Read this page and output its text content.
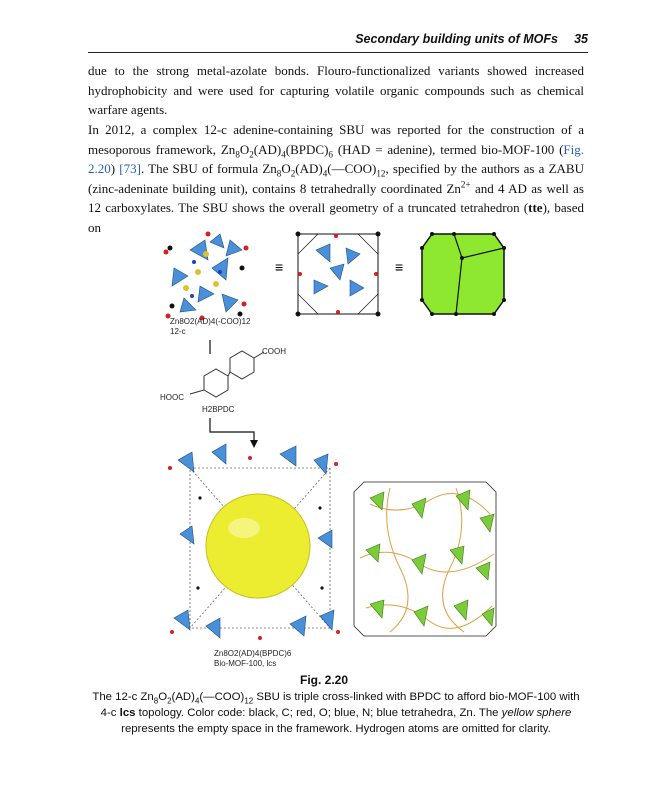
Secondary building units of MOFs 35

due to the strong metal-azolate bonds. Flouro-functionalized variants showed increased hydrophobicity and were used for capturing volatile organic compounds such as chemical warfare agents.

In 2012, a complex 12-c adenine-containing SBU was reported for the construction of a mesoporous framework, $Zn_8O_2(AD)_4(BPDC)_6$ (HAD = adenine), termed bio-MOF-100 (Fig. 2.20) [73]. The SBU of formula $Zn_8O_2(AD)_4(—COO)_{12}$, specified by the authors as a ZABU (zinc-adeninate building unit), contains 8 tetrahedrally coordinated $Zn^{2+}$ and 4 AD as well as 12 carboxylates. The SBU shows the overall geometry of a truncated tetrahedron (tte), based on

≡	≡
Zn8O2(AD)4(-COO)12
12-c
COOH
HOOC
H2BPDC
Zn8O2(AD)4(BPDC)6
Bio-MOF-100, lcs
Fig. 2.20

The 12-c $Zn_8O_2(AD)_4(—COO)_{12}$ SBU is triple cross-linked with BPDC to afford bio-MOF-100 with 4-c lcs topology. Color code: black, C; red, O; blue, N; blue tetrahedra, Zn. The yellow sphere represents the empty space in the framework. Hydrogen atoms are omitted for clarity.
